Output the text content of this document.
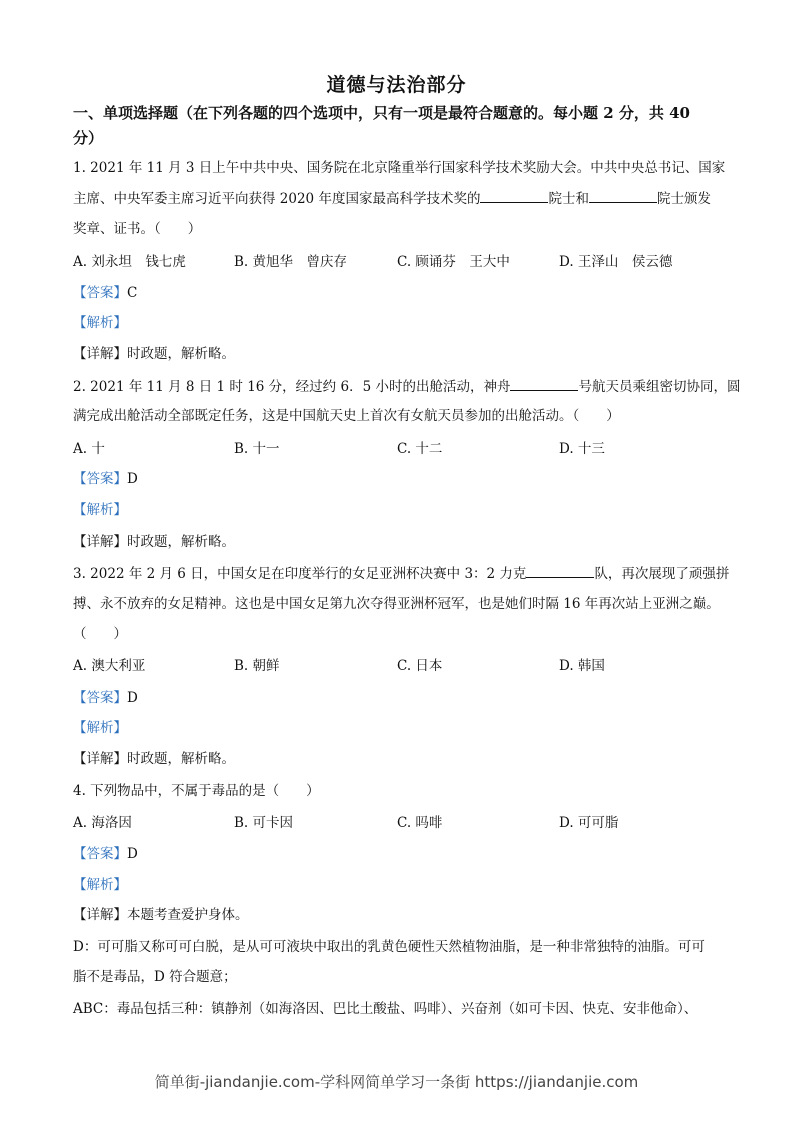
道德与法治部分
一、单项选择题（在下列各题的四个选项中，只有一项是最符合题意的。每小题 2 分，共 40
分）
1. 2021 年 11 月 3 日上午中共中央、国务院在北京隆重举行国家科学技术奖励大会。中共中央总书记、国家
主席、中央军委主席习近平向获得 2020 年度国家最高科学技术奖的	院士和	院士颁发
奖章、证书。（　　）
A. 刘永坦　钱七虎	B. 黄旭华　曾庆存	C. 顾诵芬　王大中	D. 王泽山　侯云德
【答案】C
【解析】
【详解】时政题，解析略。
2. 2021 年 11 月 8 日 1 时 16 分，经过约 6．5 小时的出舱活动，神舟	号航天员乘组密切协同，圆
满完成出舱活动全部既定任务，这是中国航天史上首次有女航天员参加的出舱活动。（　　）
A. 十	B. 十一	C. 十二	D. 十三
【答案】D
【解析】
【详解】时政题，解析略。
3. 2022 年 2 月 6 日，中国女足在印度举行的女足亚洲杯决赛中 3：2 力克	队，再次展现了顽强拼
搏、永不放弃的女足精神。这也是中国女足第九次夺得亚洲杯冠军，也是她们时隔 16 年再次站上亚洲之巅。
（　　）
A. 澳大利亚	B. 朝鲜	C. 日本	D. 韩国
【答案】D
【解析】
【详解】时政题，解析略。
4. 下列物品中，不属于毒品的是（　　）
A. 海洛因	B. 可卡因	C. 吗啡	D. 可可脂
【答案】D
【解析】
【详解】本题考查爱护身体。
D：可可脂又称可可白脱，是从可可液块中取出的乳黄色硬性天然植物油脂，是一种非常独特的油脂。可可
脂不是毒品，D 符合题意；
ABC：毒品包括三种：镇静剂（如海洛因、巴比土酸盐、吗啡）、兴奋剂（如可卡因、快克、安非他命）、
简单街-jiandanjie.com-学科网简单学习一条街 https://jiandanjie.com
